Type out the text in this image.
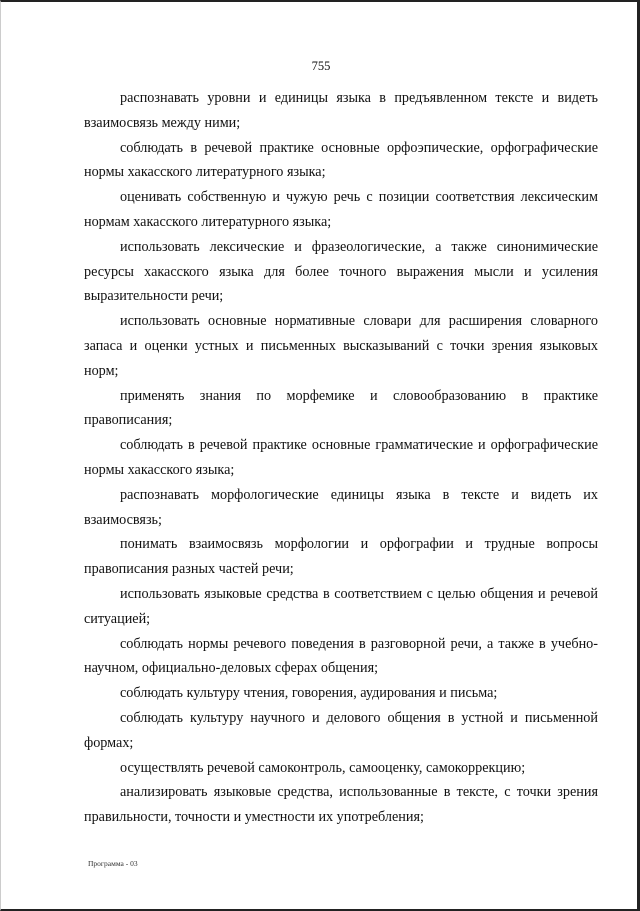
755

распознавать уровни и единицы языка в предъявленном тексте и видеть взаимосвязь между ними;

соблюдать в речевой практике основные орфоэпические, орфографические нормы хакасского литературного языка;

оценивать собственную и чужую речь с позиции соответствия лексическим нормам хакасского литературного языка;

использовать лексические и фразеологические, а также синонимические ресурсы хакасского языка для более точного выражения мысли и усиления выразительности речи;

использовать основные нормативные словари для расширения словарного запаса и оценки устных и письменных высказываний с точки зрения языковых норм;

применять знания по морфемике и словообразованию в практике правописания;

соблюдать в речевой практике основные грамматические и орфографические нормы хакасского языка;

распознавать морфологические единицы языка в тексте и видеть их взаимосвязь;

понимать взаимосвязь морфологии и орфографии и трудные вопросы правописания разных частей речи;

использовать языковые средства в соответствием с целью общения и речевой ситуацией;

соблюдать нормы речевого поведения в разговорной речи, а также в учебно-научном, официально-деловых сферах общения;

соблюдать культуру чтения, говорения, аудирования и письма;

соблюдать культуру научного и делового общения в устной и письменной формах;

осуществлять речевой самоконтроль, самооценку, самокоррекцию;

анализировать языковые средства, использованные в тексте, с точки зрения правильности, точности и уместности их употребления;

Программа - 03
